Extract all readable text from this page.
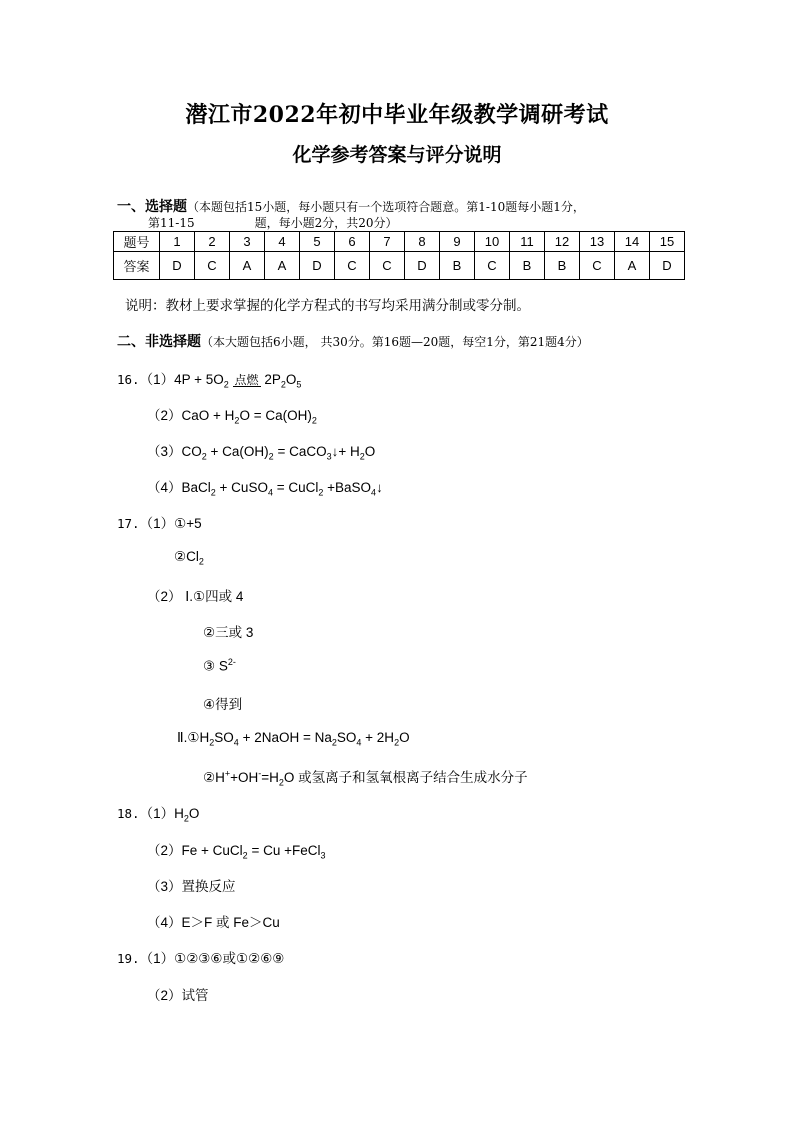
潜江市2022年初中毕业年级教学调研考试
化学参考答案与评分说明
一、选择题（本题包括15小题，每小题只有一个选项符合题意。第1-10题每小题1分，
第11-15　　　　　题，每小题2分，共20分）
题号	1	2	3	4	5	6	7	8	9	10	11	12	13	14	15
答案	D	C	A	A	D	C	C	D	B	C	B	B	C	A	D
说明：教材上要求掌握的化学方程式的书写均采用满分制或零分制。
二、非选择题（本大题包括6小题， 共30分。第16题—20题，每空1分，第21题4分）
$16.(1)4P + 5O_2$ 点燃 $2P_2O_5$
$(2)CaO + H_2O = Ca(OH)_2$
$(3)CO_2 + Ca(OH)_2$ = CaCO$_3$↓+ $H_2O$
（4）BaCl$_2$ + CuSO$_4$ = CuCl$_2$ +BaSO$_4$↓
17.（1）①+5
$②Cl_2$
（2） Ⅰ.①四或 4
②三或 3
③ $S^{2-}$
④得到
$Ⅱ.①H_2SO_4$ + 2NaOH = $Na_2SO_4 + 2H_2O$
$②H^++OH^-=H_2O$ 或氢离子和氢氧根离子结合生成水分子
$18.(1)H_2O$
（2）Fe + CuCl$_2$ = Cu +FeCl$_3$
（3）置换反应
（4）E＞F 或 Fe＞Cu
19.（1）①②③⑥或①②⑥⑨
（2）试管
